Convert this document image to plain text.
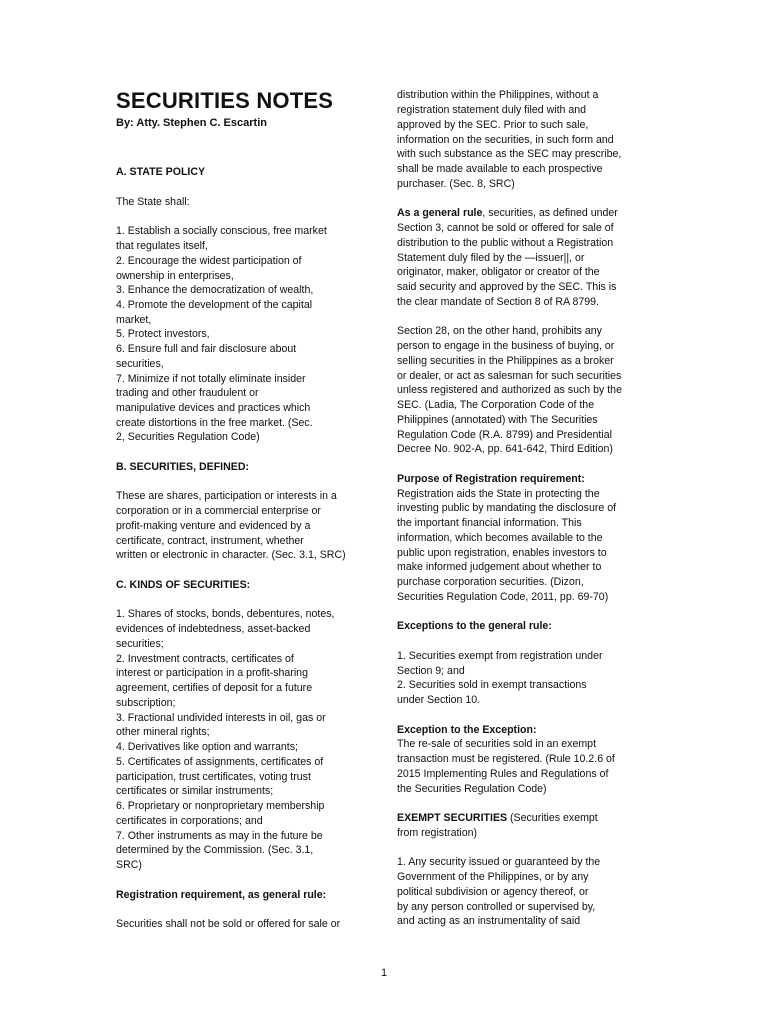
SECURITIES NOTES

By: Atty. Stephen C. Escartin

A. STATE POLICY

The State shall:

1. Establish a socially conscious, free market

that regulates itself,

2. Encourage the widest participation of

ownership in enterprises,

3. Enhance the democratization of wealth,

4. Promote the development of the capital

market,

5. Protect investors,

6. Ensure full and fair disclosure about

securities,

7. Minimize if not totally eliminate insider

trading and other fraudulent or

manipulative devices and practices which

create distortions in the free market. (Sec.

2, Securities Regulation Code)

B. SECURITIES, DEFINED:

These are shares, participation or interests in a

corporation or in a commercial enterprise or

profit-making venture and evidenced by a

certificate, contract, instrument, whether

written or electronic in character. (Sec. 3.1, SRC)

C. KINDS OF SECURITIES:

1. Shares of stocks, bonds, debentures, notes,

evidences of indebtedness, asset-backed

securities;

2. Investment contracts, certificates of

interest or participation in a profit-sharing

agreement, certifies of deposit for a future

subscription;

3. Fractional undivided interests in oil, gas or

other mineral rights;

4. Derivatives like option and warrants;

5. Certificates of assignments, certificates of

participation, trust certificates, voting trust

certificates or similar instruments;

6. Proprietary or nonproprietary membership

certificates in corporations; and

7. Other instruments as may in the future be

determined by the Commission. (Sec. 3.1,

SRC)

Registration requirement, as general rule:

Securities shall not be sold or offered for sale or

distribution within the Philippines, without a

registration statement duly filed with and

approved by the SEC. Prior to such sale,

information on the securities, in such form and

with such substance as the SEC may prescribe,

shall be made available to each prospective

purchaser. (Sec. 8, SRC)

As a general rule, securities, as defined under

Section 3, cannot be sold or offered for sale of

distribution to the public without a Registration

Statement duly filed by the —issuer||, or

originator, maker, obligator or creator of the

said security and approved by the SEC. This is

the clear mandate of Section 8 of RA 8799.

Section 28, on the other hand, prohibits any

person to engage in the business of buying, or

selling securities in the Philippines as a broker

or dealer, or act as salesman for such securities

unless registered and authorized as such by the

SEC. (Ladia, The Corporation Code of the

Philippines (annotated) with The Securities

Regulation Code (R.A. 8799) and Presidential

Decree No. 902-A, pp. 641-642, Third Edition)

Purpose of Registration requirement:

Registration aids the State in protecting the

investing public by mandating the disclosure of

the important financial information. This

information, which becomes available to the

public upon registration, enables investors to

make informed judgement about whether to

purchase corporation securities. (Dizon,

Securities Regulation Code, 2011, pp. 69-70)

Exceptions to the general rule:

1. Securities exempt from registration under

Section 9; and

2. Securities sold in exempt transactions

under Section 10.

Exception to the Exception:

The re-sale of securities sold in an exempt

transaction must be registered. (Rule 10.2.6 of

2015 Implementing Rules and Regulations of

the Securities Regulation Code)

EXEMPT SECURITIES (Securities exempt

from registration)

1. Any security issued or guaranteed by the

Government of the Philippines, or by any

political subdivision or agency thereof, or

by any person controlled or supervised by,

and acting as an instrumentality of said

1
